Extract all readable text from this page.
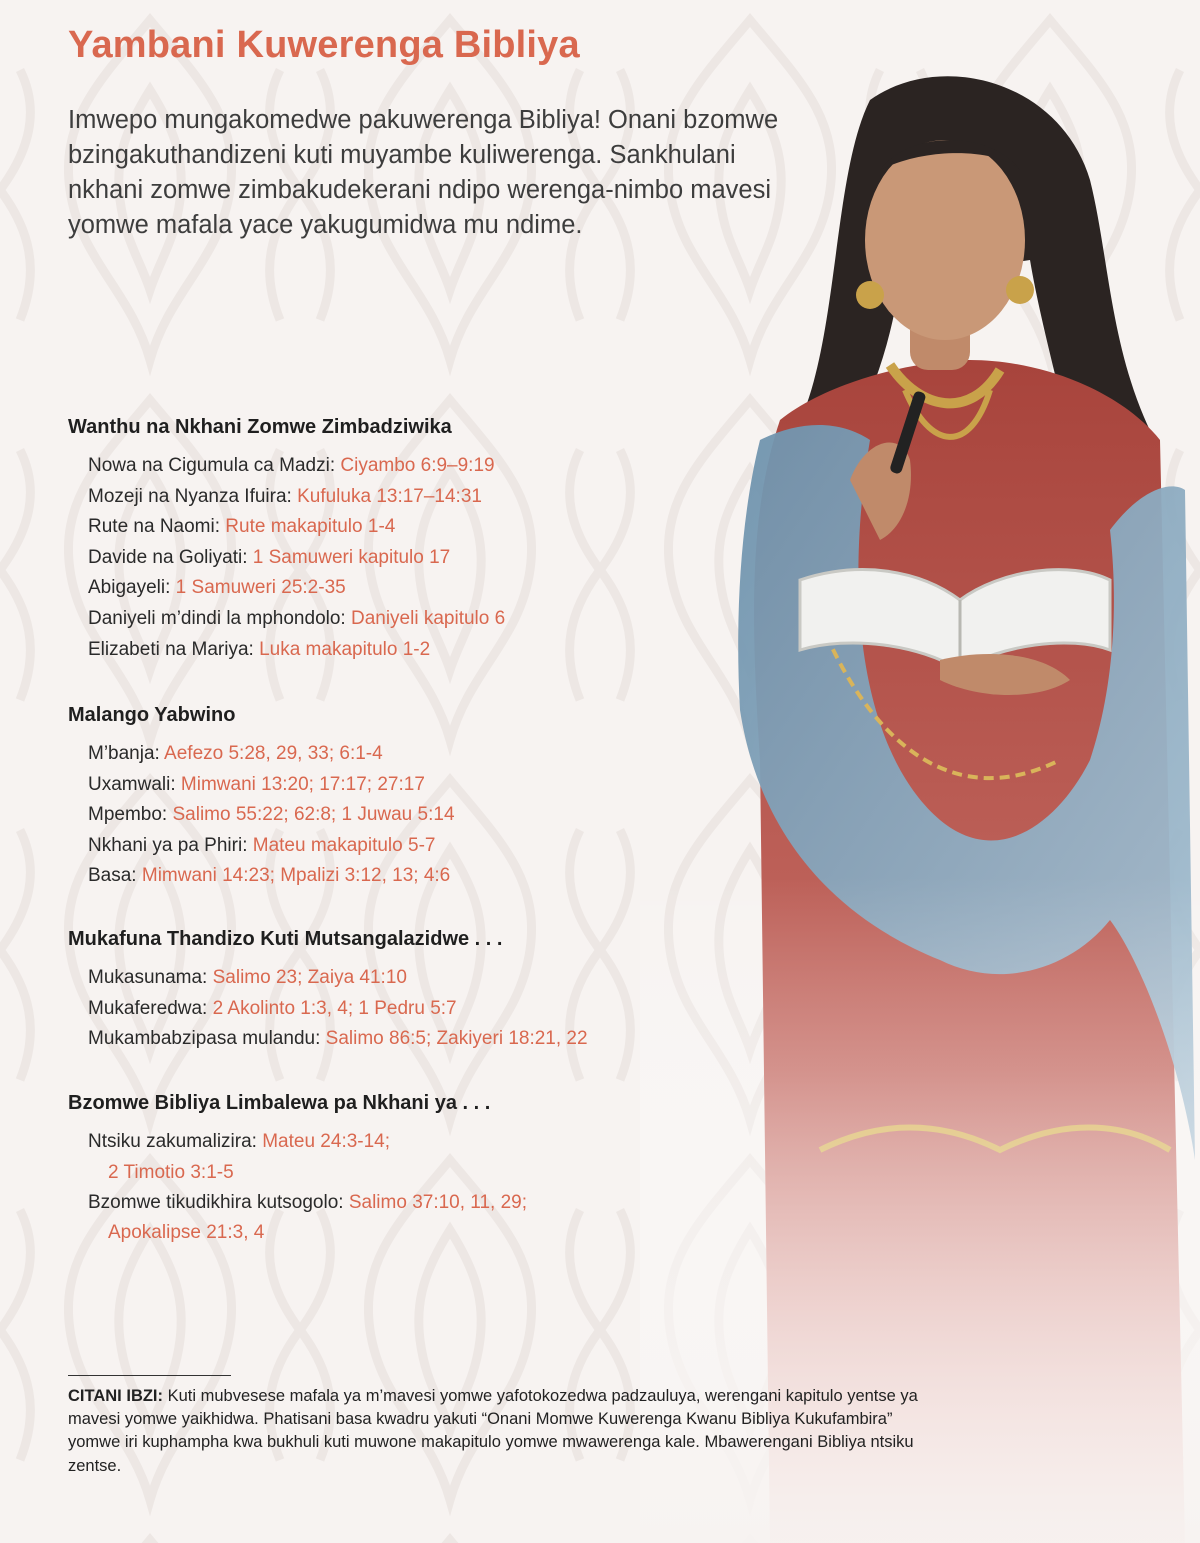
Yambani Kuwerenga Bibliya

Imwepo mungakomedwe pakuwerenga Bibliya! Onani bzomwe bzingakuthandizeni kuti muyambe kuliwerenga. Sankhulani nkhani zomwe zimbakudekerani ndipo werenga-nimbo mavesi yomwe mafala yace yakugumidwa mu ndime.

Wanthu na Nkhani Zomwe Zimbadziwika
Nowa na Cigumula ca Madzi: Ciyambo 6:9–9:19
Mozeji na Nyanza Ifuira: Kufuluka 13:17–14:31
Rute na Naomi: Rute makapitulo 1-4
Davide na Goliyati: 1 Samuweri kapitulo 17
Abigayeli: 1 Samuweri 25:2-35
Daniyeli m’dindi la mphondolo: Daniyeli kapitulo 6
Elizabeti na Mariya: Luka makapitulo 1-2
Malango Yabwino
M’banja: Aefezo 5:28, 29, 33; 6:1-4
Uxamwali: Mimwani 13:20; 17:17; 27:17
Mpembo: Salimo 55:22; 62:8; 1 Juwau 5:14
Nkhani ya pa Phiri: Mateu makapitulo 5-7
Basa: Mimwani 14:23; Mpalizi 3:12, 13; 4:6
Mukafuna Thandizo Kuti Mutsangalazidwe . . .
Mukasunama: Salimo 23; Zaiya 41:10
Mukaferedwa: 2 Akolinto 1:3, 4; 1 Pedru 5:7
Mukambabzipasa mulandu: Salimo 86:5; Zakiyeri 18:21, 22
Bzomwe Bibliya Limbalewa pa Nkhani ya . . .
Ntsiku zakumalizira: Mateu 24:3-14;
2 Timotio 3:1-5
Bzomwe tikudikhira kutsogolo: Salimo 37:10, 11, 29;
Apokalipse 21:3, 4

CITANI IBZI: Kuti mubvesese mafala ya m’mavesi yomwe yafotokozedwa padzauluya, werengani kapitulo yentse ya mavesi yomwe yaikhidwa. Phatisani basa kwadru yakuti “Onani Momwe Kuwerenga Kwanu Bibliya Kukufambira” yomwe iri kuphampha kwa bukhuli kuti muwone makapitulo yomwe mwawerenga kale. Mbawerengani Bibliya ntsiku zentse.
